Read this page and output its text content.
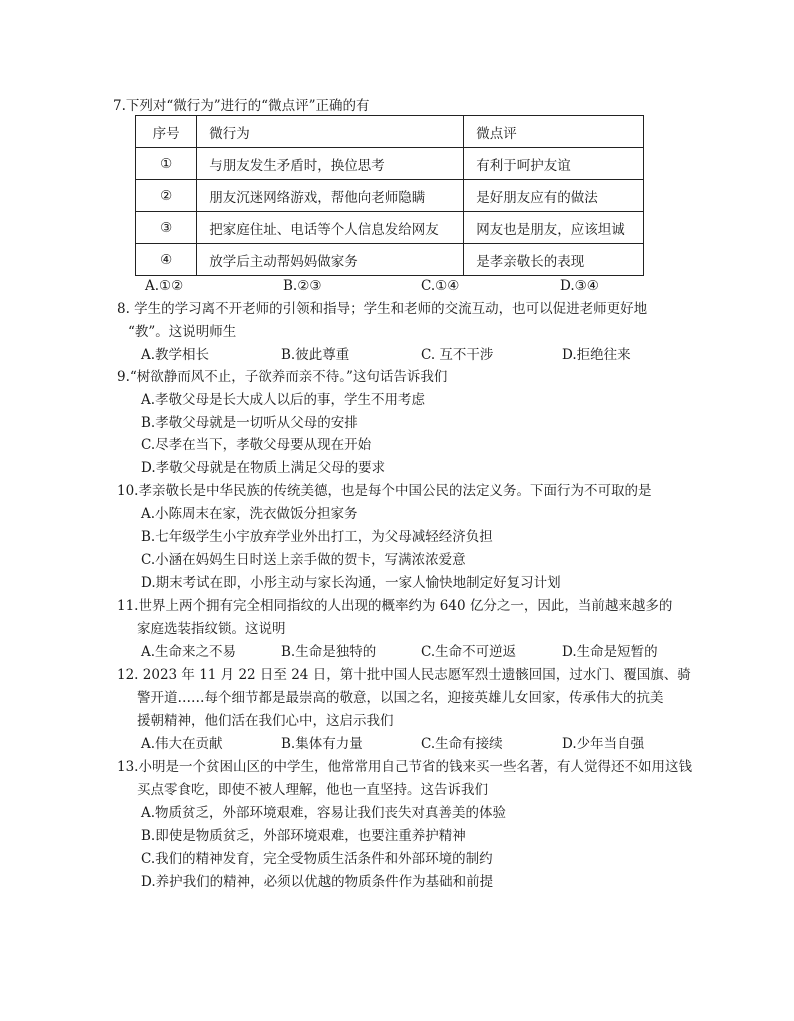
7.下列对“微行为”进行的“微点评”正确的有
序号	微行为	微点评
①	与朋友发生矛盾时，换位思考	有利于呵护友谊
②	朋友沉迷网络游戏，帮他向老师隐瞒	是好朋友应有的做法
③	把家庭住址、电话等个人信息发给网友	网友也是朋友，应该坦诚
④	放学后主动帮妈妈做家务	是孝亲敬长的表现
A.①②	B.②③	C.①④	D.③④
8. 学生的学习离不开老师的引领和指导；学生和老师的交流互动，也可以促进老师更好地
“教”。这说明师生
A.教学相长	B.彼此尊重	C. 互不干涉	D.拒绝往来
9.“树欲静而风不止，子欲养而亲不待。”这句话告诉我们
A.孝敬父母是长大成人以后的事，学生不用考虑
B.孝敬父母就是一切听从父母的安排
C.尽孝在当下，孝敬父母要从现在开始
D.孝敬父母就是在物质上满足父母的要求
10.孝亲敬长是中华民族的传统美德，也是每个中国公民的法定义务。下面行为不可取的是
A.小陈周末在家，洗衣做饭分担家务
B.七年级学生小宇放弃学业外出打工，为父母减轻经济负担
C.小涵在妈妈生日时送上亲手做的贺卡，写满浓浓爱意
D.期末考试在即，小彤主动与家长沟通，一家人愉快地制定好复习计划
11.世界上两个拥有完全相同指纹的人出现的概率约为 640 亿分之一，因此，当前越来越多的
家庭选装指纹锁。这说明
A.生命来之不易	B.生命是独特的	C.生命不可逆返	D.生命是短暂的
12. 2023 年 11 月 22 日至 24 日，第十批中国人民志愿军烈士遗骸回国，过水门、覆国旗、骑
警开道……每个细节都是最崇高的敬意，以国之名，迎接英雄儿女回家，传承伟大的抗美
援朝精神，他们活在我们心中，这启示我们
A.伟大在贡献	B.集体有力量	C.生命有接续	D.少年当自强
13.小明是一个贫困山区的中学生，他常常用自己节省的钱来买一些名著，有人觉得还不如用这钱
买点零食吃，即使不被人理解，他也一直坚持。这告诉我们
A.物质贫乏，外部环境艰难，容易让我们丧失对真善美的体验
B.即使是物质贫乏，外部环境艰难，也要注重养护精神
C.我们的精神发育，完全受物质生活条件和外部环境的制约
D.养护我们的精神，必须以优越的物质条件作为基础和前提
